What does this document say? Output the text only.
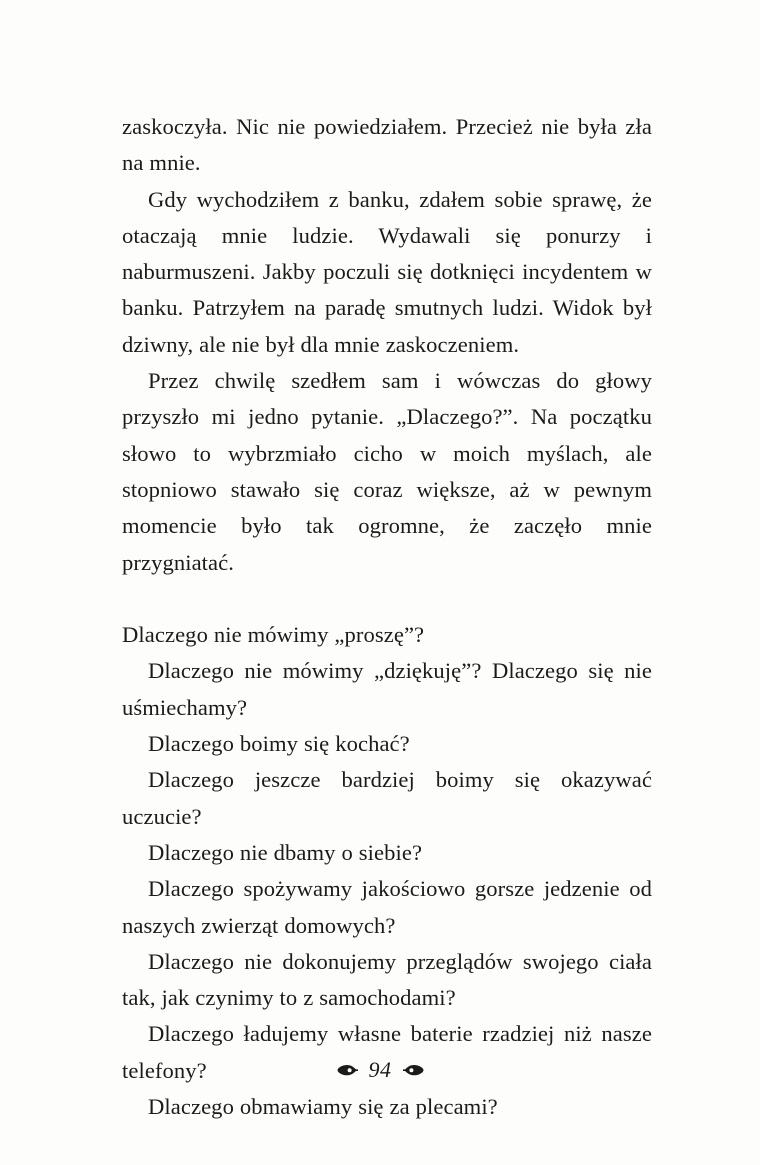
zaskoczyła. Nic nie powiedziałem. Przecież nie była zła na mnie.

Gdy wychodziłem z banku, zdałem sobie sprawę, że otaczają mnie ludzie. Wydawali się ponurzy i naburmuszeni. Jakby poczuli się dotknięci incydentem w banku. Patrzyłem na paradę smutnych ludzi. Widok był dziwny, ale nie był dla mnie zaskoczeniem.

Przez chwilę szedłem sam i wówczas do głowy przyszło mi jedno pytanie. „Dlaczego?”. Na początku słowo to wybrzmiało cicho w moich myślach, ale stopniowo stawało się coraz większe, aż w pewnym momencie było tak ogromne, że zaczęło mnie przygniatać.

Dlaczego nie mówimy „proszę”?

Dlaczego nie mówimy „dziękuję”? Dlaczego się nie uśmiechamy?

Dlaczego boimy się kochać?

Dlaczego jeszcze bardziej boimy się okazywać uczucie?

Dlaczego nie dbamy o siebie?

Dlaczego spożywamy jakościowo gorsze jedzenie od naszych zwierząt domowych?

Dlaczego nie dokonujemy przeglądów swojego ciała tak, jak czynimy to z samochodami?

Dlaczego ładujemy własne baterie rzadziej niż nasze telefony?

Dlaczego obmawiamy się za plecami?

94
